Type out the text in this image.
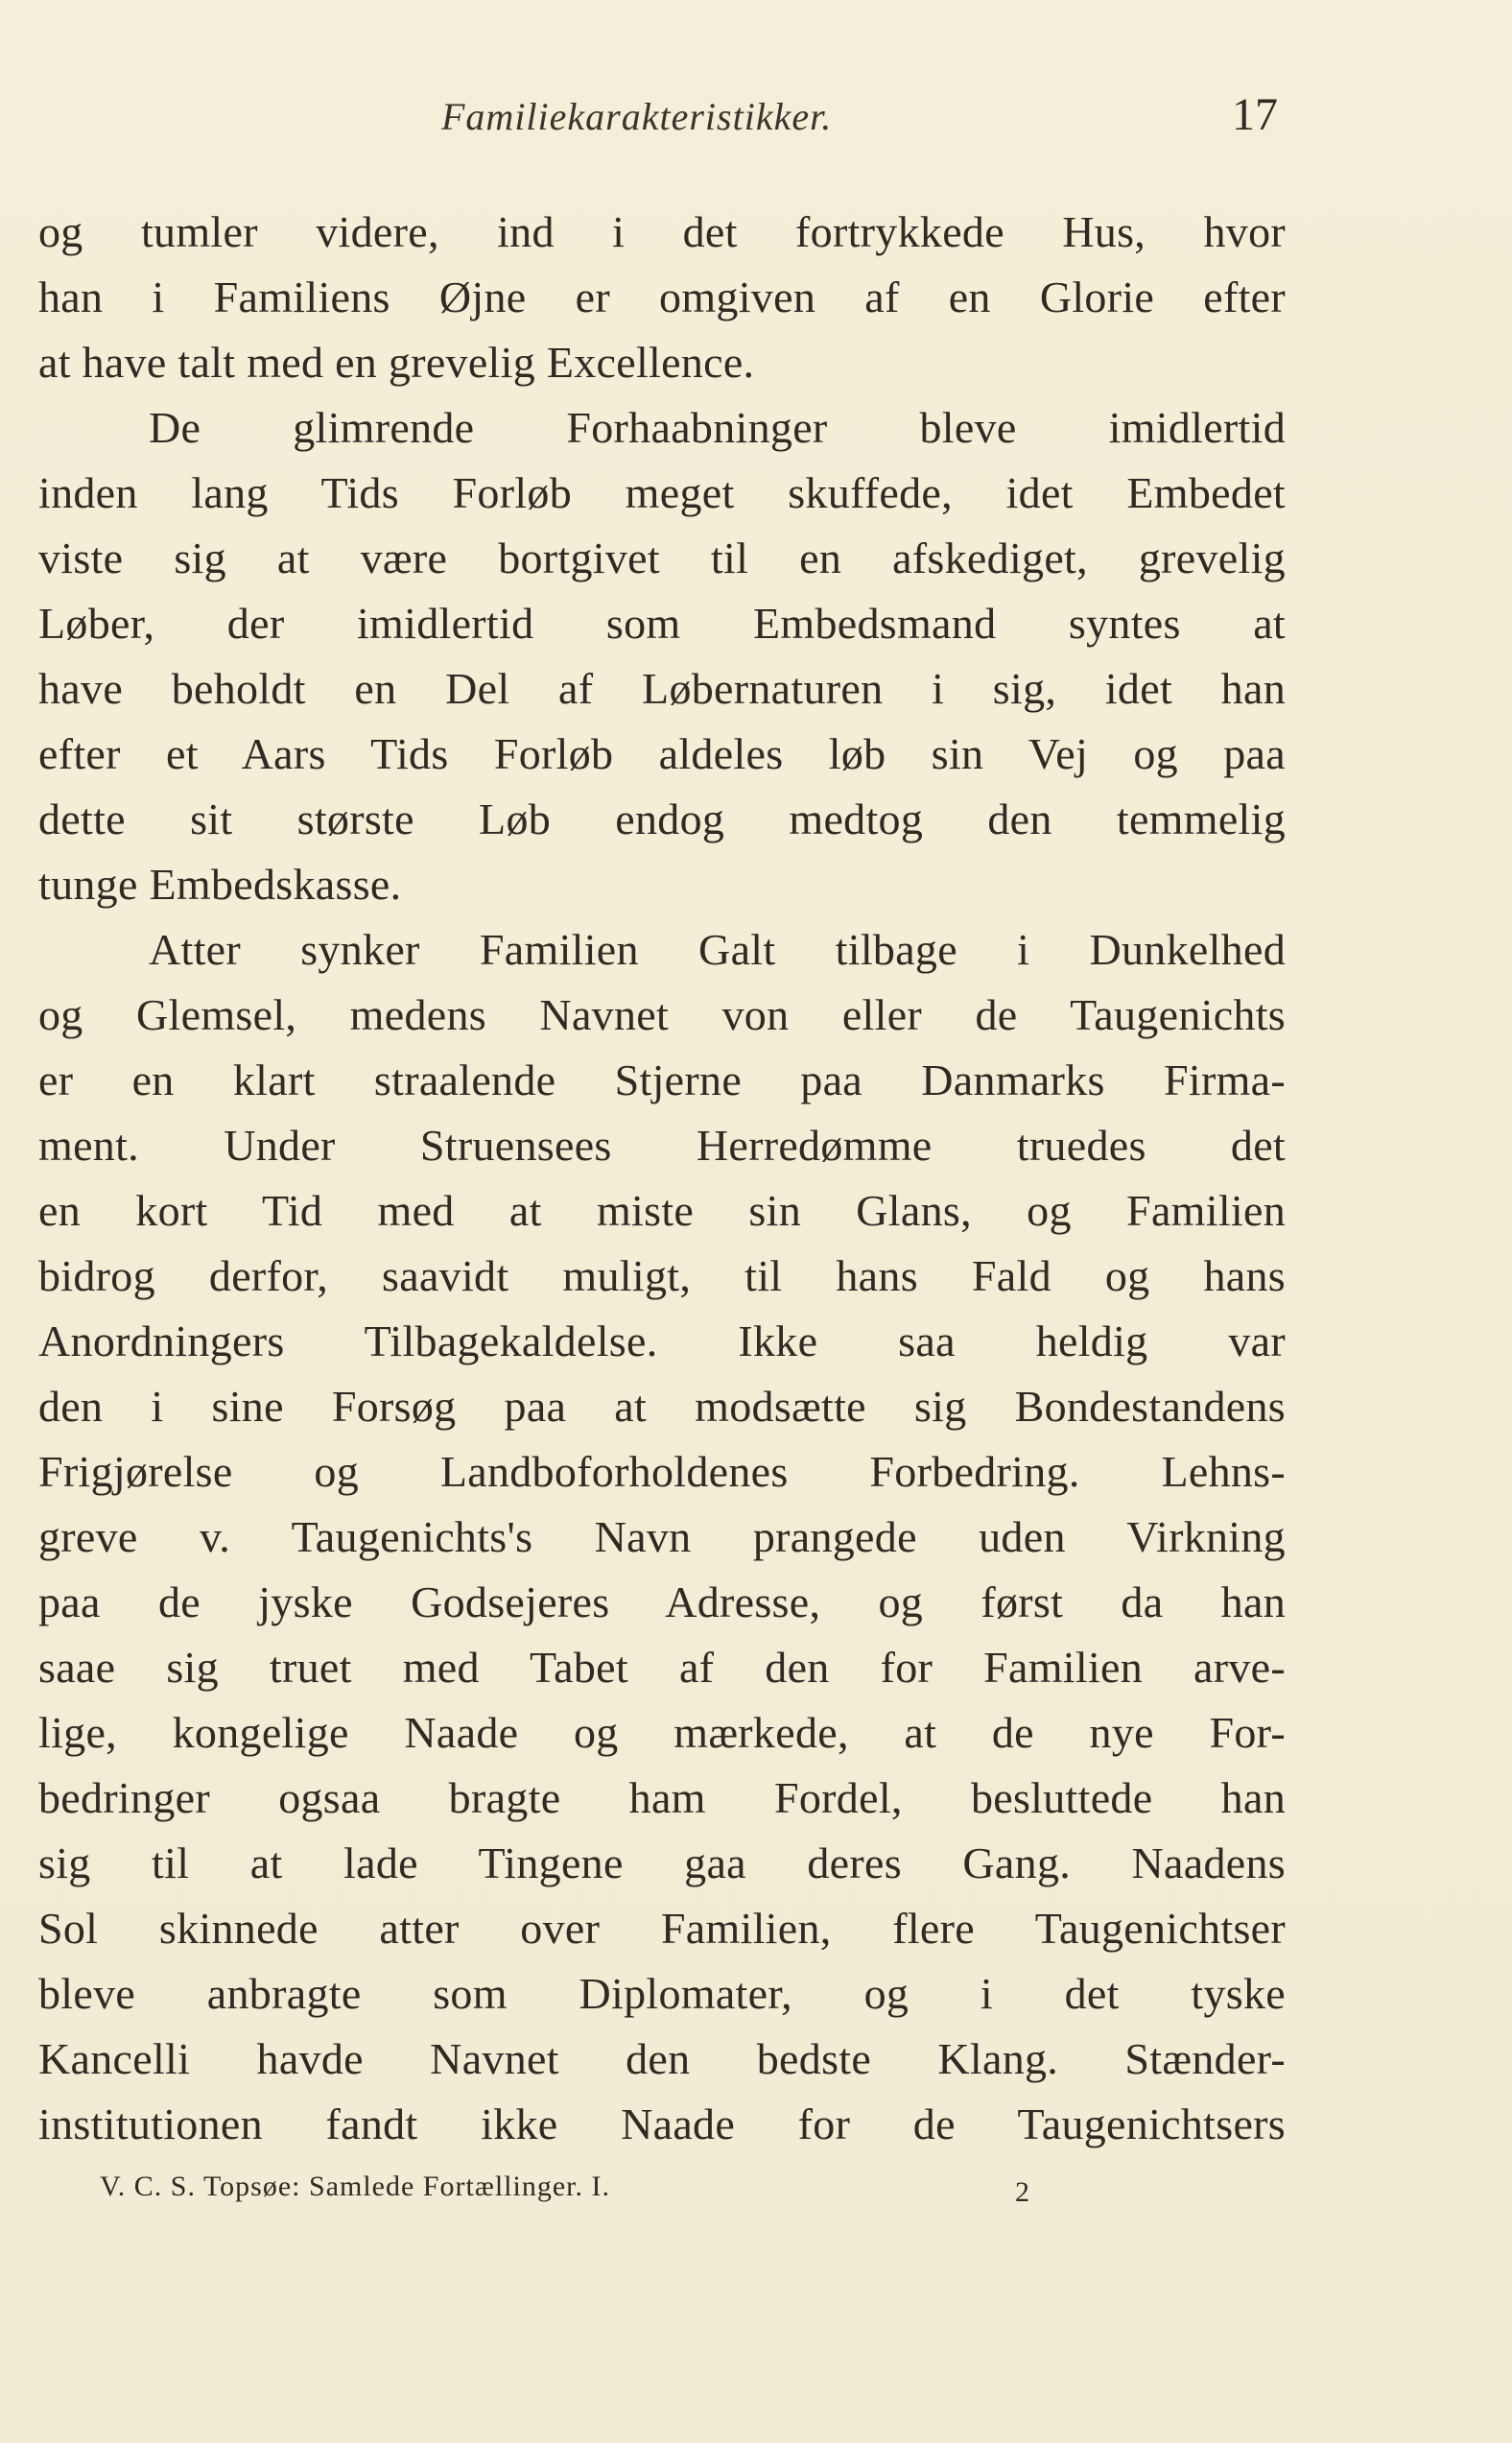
Familiekarakteristikker.	17
og tumler videre, ind i det fortrykkede Hus, hvor
han i Familiens Øjne er omgiven af en Glorie efter
at have talt med en grevelig Excellence.
De glimrende Forhaabninger bleve imidlertid
inden lang Tids Forløb meget skuffede, idet Embedet
viste sig at være bortgivet til en afskediget, grevelig
Løber, der imidlertid som Embedsmand syntes at
have beholdt en Del af Løbernaturen i sig, idet han
efter et Aars Tids Forløb aldeles løb sin Vej og paa
dette sit største Løb endog medtog den temmelig
tunge Embedskasse.
Atter synker Familien Galt tilbage i Dunkelhed
og Glemsel, medens Navnet von eller de Taugenichts
er en klart straalende Stjerne paa Danmarks Firma-
ment. Under Struensees Herredømme truedes det
en kort Tid med at miste sin Glans, og Familien
bidrog derfor, saavidt muligt, til hans Fald og hans
Anordningers Tilbagekaldelse. Ikke saa heldig var
den i sine Forsøg paa at modsætte sig Bondestandens
Frigjørelse og Landboforholdenes Forbedring. Lehns-
greve v. Taugenichts's Navn prangede uden Virkning
paa de jyske Godsejeres Adresse, og først da han
saae sig truet med Tabet af den for Familien arve-
lige, kongelige Naade og mærkede, at de nye For-
bedringer ogsaa bragte ham Fordel, besluttede han
sig til at lade Tingene gaa deres Gang. Naadens
Sol skinnede atter over Familien, flere Taugenichtser
bleve anbragte som Diplomater, og i det tyske
Kancelli havde Navnet den bedste Klang. Stænder-
institutionen fandt ikke Naade for de Taugenichtsers
V. C. S. Topsøe: Samlede Fortællinger. I.	2
